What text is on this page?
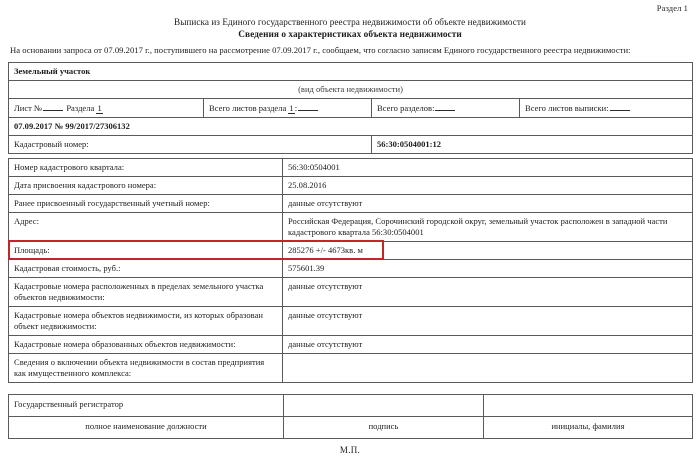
Раздел 1
Выписка из Единого государственного реестра недвижимости об объекте недвижимости
Сведения о характеристиках объекта недвижимости
На основании запроса от 07.09.2017 г., поступившего на рассмотрение 07.09.2017 г., сообщаем, что согласно записям Единого государственного реестра недвижимости:
Земельный участок			
(вид объекта недвижимости)			
Лист № Раздела 1	Всего листов раздела 1:	Всего разделов:	Всего листов выписки:
07.09.2017 № 99/2017/27306132			
Кадастровый номер:		56:30:0504001:12	
Номер кадастрового квартала:	56:30:0504001
Дата присвоения кадастрового номера:	25.08.2016
Ранее присвоенный государственный учетный номер:	данные отсутствуют
Адрес:	Российская Федерация, Сорочинский городской округ, земельный участок расположен в западной части кадастрового квартала 56:30:0504001
Площадь:	285276 +/- 4673кв. м
Кадастровая стоимость, руб.:	575601.39
Кадастровые номера расположенных в пределах земельного участка объектов недвижимости:	данные отсутствуют
Кадастровые номера объектов недвижимости, из которых образован объект недвижимости:	данные отсутствуют
Кадастровые номера образованных объектов недвижимости:	данные отсутствуют
Сведения о включении объекта недвижимости в состав предприятия как имущественного комплекса:	
Государственный регистратор		
полное наименование должности	подпись	инициалы, фамилия
М.П.
